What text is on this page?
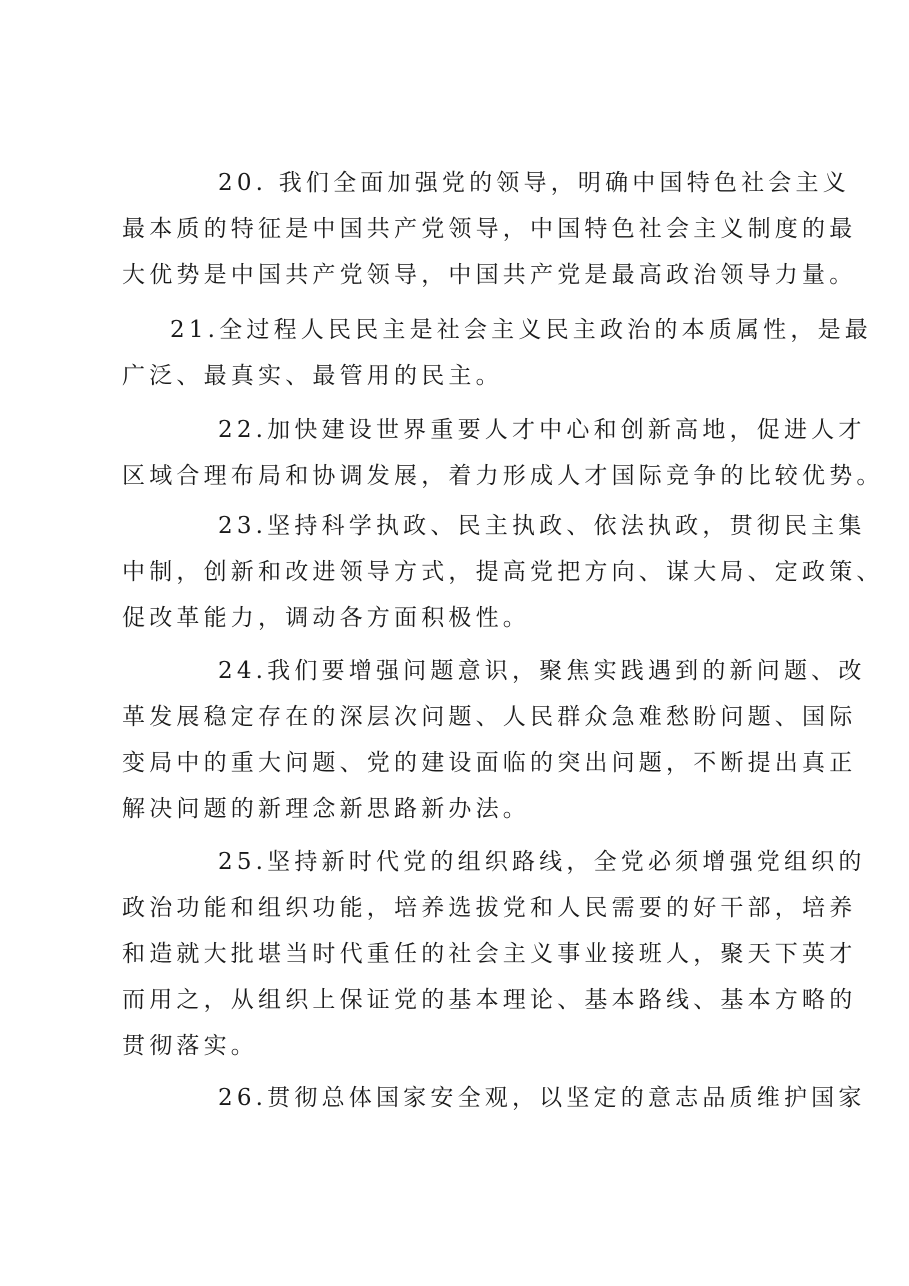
20. 我们全面加强党的领导，明确中国特色社会主义
最本质的特征是中国共产党领导，中国特色社会主义制度的最
大优势是中国共产党领导，中国共产党是最高政治领导力量。
21.全过程人民民主是社会主义民主政治的本质属性，是最
广泛、最真实、最管用的民主。
22.加快建设世界重要人才中心和创新高地，促进人才
区域合理布局和协调发展，着力形成人才国际竞争的比较优势。
23.坚持科学执政、民主执政、依法执政，贯彻民主集
中制，创新和改进领导方式，提高党把方向、谋大局、定政策、
促改革能力，调动各方面积极性。
24.我们要增强问题意识，聚焦实践遇到的新问题、改
革发展稳定存在的深层次问题、人民群众急难愁盼问题、国际
变局中的重大问题、党的建设面临的突出问题，不断提出真正
解决问题的新理念新思路新办法。
25.坚持新时代党的组织路线，全党必须增强党组织的
政治功能和组织功能，培养选拔党和人民需要的好干部，培养
和造就大批堪当时代重任的社会主义事业接班人，聚天下英才
而用之，从组织上保证党的基本理论、基本路线、基本方略的
贯彻落实。
26.贯彻总体国家安全观，以坚定的意志品质维护国家
